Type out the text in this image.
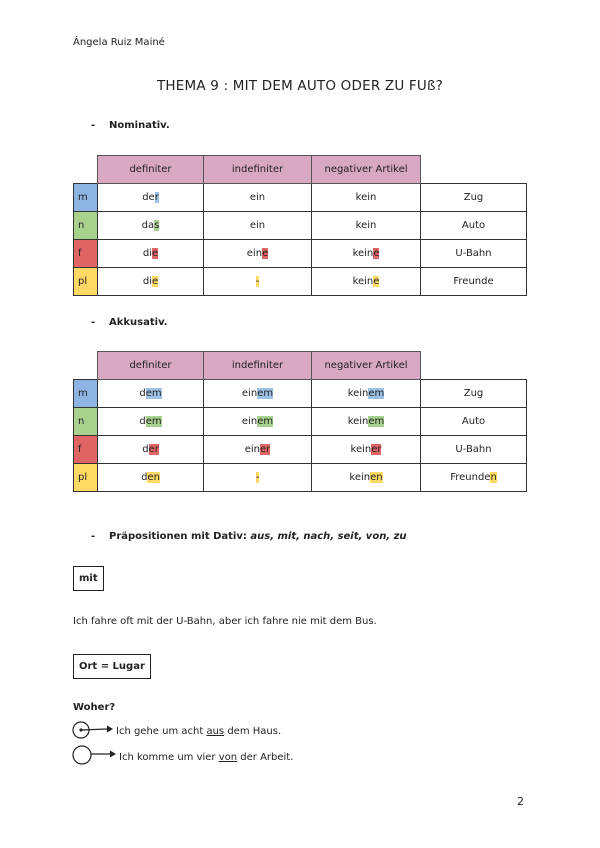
Ángela Ruiz Mainé
THEMA 9 : MIT DEM AUTO ODER ZU FUß?
- Nominativ.
	definiter	indefiniter	negativer Artikel	
m	der	ein	kein	Zug
n	das	ein	kein	Auto
f	die	eine	keine	U-Bahn
pl	die	-	keine	Freunde
- Akkusativ.
	definiter	indefiniter	negativer Artikel	
m	dem	einem	keinem	Zug
n	dem	einem	keinem	Auto
f	der	einer	keiner	U-Bahn
pl	den	-	keinen	Freunden
- Präpositionen mit Dativ: aus, mit, nach, seit, von, zu
mit
Ich fahre oft mit der U-Bahn, aber ich fahre nie mit dem Bus.
Ort = Lugar
Woher?
Ich gehe um acht aus dem Haus.
Ich komme um vier von der Arbeit.
2
